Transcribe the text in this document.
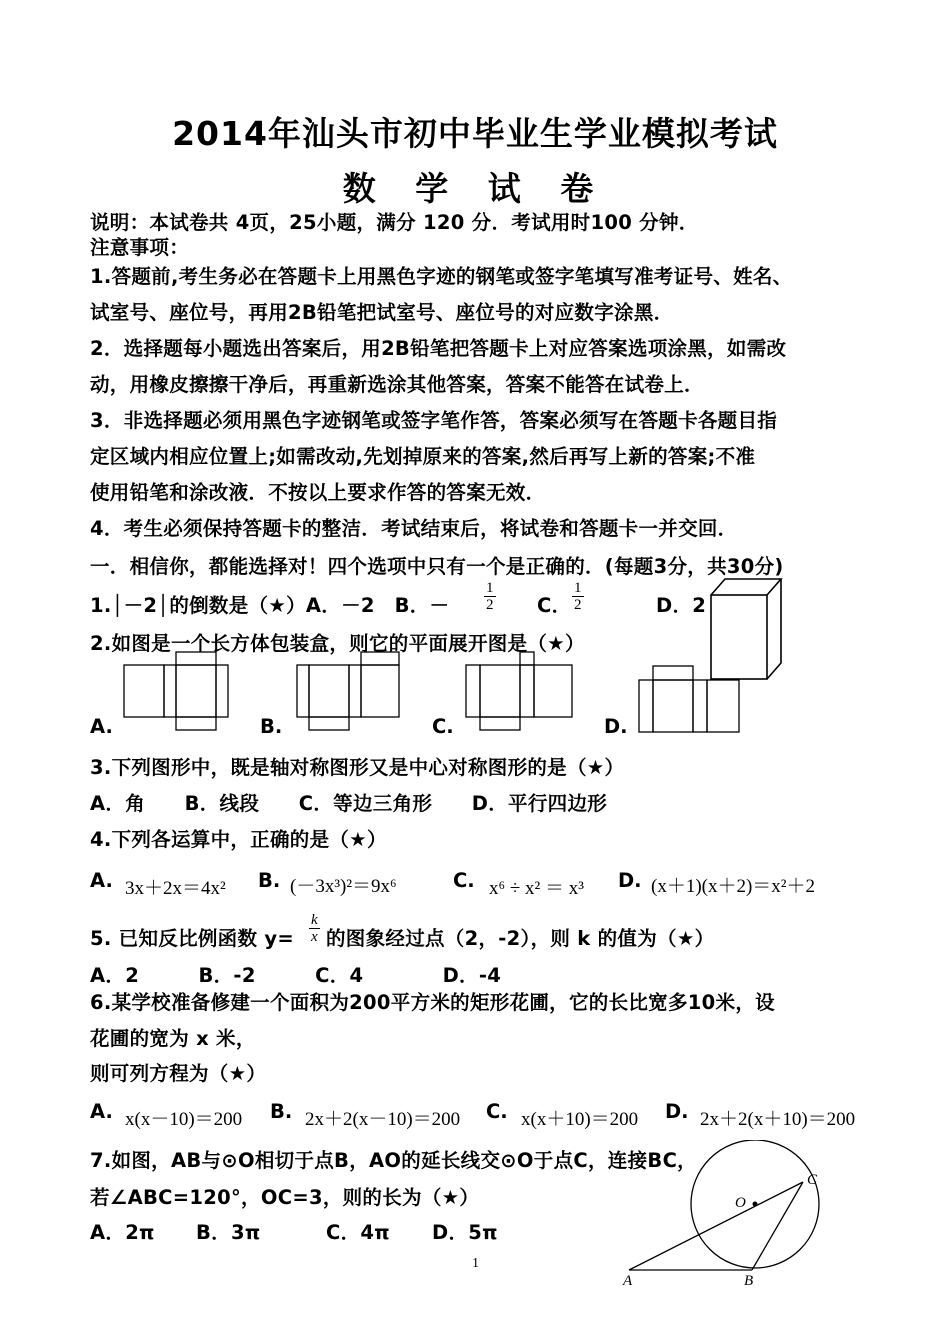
2014年汕头市初中毕业生学业模拟考试
数 学 试 卷
说明：本试卷共 4页，25小题，满分 120 分．考试用时100 分钟．
注意事项：
1.答题前,考生务必在答题卡上用黑色字迹的钢笔或签字笔填写准考证号、姓名、
试室号、座位号，再用2B铅笔把试室号、座位号的对应数字涂黑．
2．选择题每小题选出答案后，用2B铅笔把答题卡上对应答案选项涂黑，如需改
动，用橡皮擦擦干净后，再重新选涂其他答案，答案不能答在试卷上．
3．非选择题必须用黑色字迹钢笔或签字笔作答，答案必须写在答题卡各题目指
定区域内相应位置上;如需改动,先划掉原来的答案,然后再写上新的答案;不准
使用铅笔和涂改液．不按以上要求作答的答案无效．
4．考生必须保持答题卡的整洁．考试结束后，将试卷和答题卡一并交回．
一．相信你，都能选择对！四个选项中只有一个是正确的．(每题3分，共30分)
1.│－2│的倒数是（★）A．－2　B．－ $\frac{1}{2}$ C． $\frac{1}{2}$	D．2
2.如图是一个长方体包装盒，则它的平面展开图是（★）
A.	B.	C.	D.
3.下列图形中，既是轴对称图形又是中心对称图形的是（★）
A．角　　B．线段　　C．等边三角形　　D．平行四边形
4.下列各运算中，正确的是（★）
A. 3x＋2x＝4x² B. (－3x³)²＝9x⁶	C. x⁶ ÷ x² ＝ x³ D. (x＋1)(x＋2)＝x²＋2
5. 已知反比例函数 $y= \frac{k}{x}$ 的图象经过点（2，-2），则 k 的值为（★）
A．2　　　B．-2　　　C．4　　　　D．-4
6.某学校准备修建一个面积为200平方米的矩形花圃，它的长比宽多10米，设
花圃的宽为 x 米，
则可列方程为（★）
A. x(x－10)＝200 B. 2x＋2(x－10)＝200 C. x(x＋10)＝200 D. 2x＋2(x＋10)＝200
7.如图，AB与⊙O相切于点B，AO的延长线交⊙O于点C，连接BC，
若∠ABC=120°，OC=3，则的长为（★）
A．2π B．3π	C．4π D．5π
A	B
C
O
1
